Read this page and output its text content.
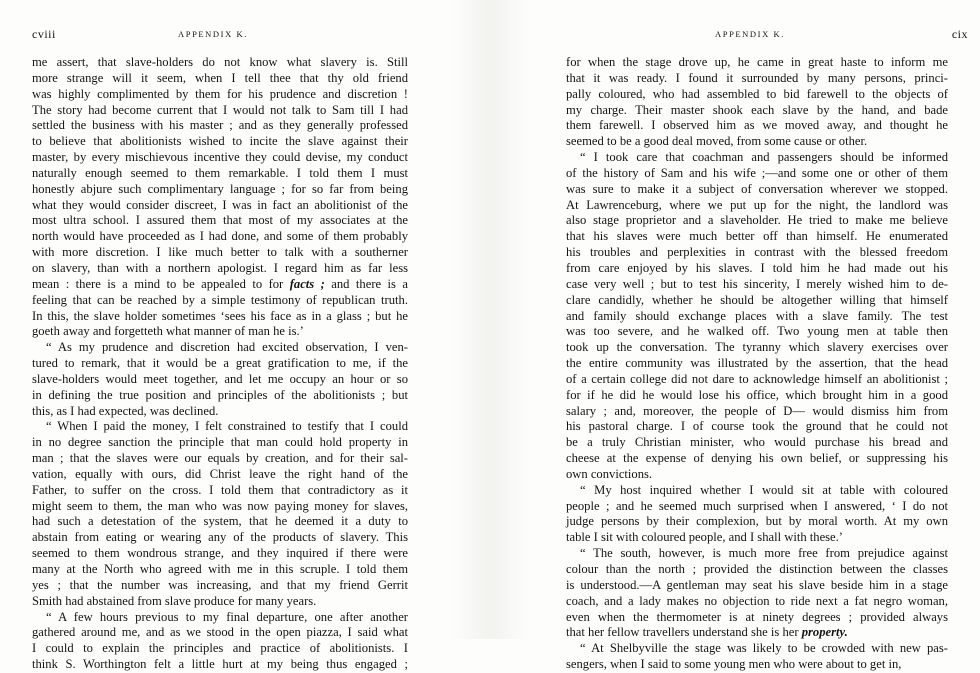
cviii	APPENDIX K.
me assert, that slave-holders do not know what slavery is. Still
more strange will it seem, when I tell thee that thy old friend
was highly complimented by them for his prudence and discretion !
The story had become current that I would not talk to Sam till I had
settled the business with his master ; and as they generally professed
to believe that abolitionists wished to incite the slave against their
master, by every mischievous incentive they could devise, my conduct
naturally enough seemed to them remarkable. I told them I must
honestly abjure such complimentary language ; for so far from being
what they would consider discreet, I was in fact an abolitionist of the
most ultra school. I assured them that most of my associates at the
north would have proceeded as I had done, and some of them probably
with more discretion. I like much better to talk with a southerner
on slavery, than with a northern apologist. I regard him as far less
mean : there is a mind to be appealed to for facts ; and there is a
feeling that can be reached by a simple testimony of republican truth.
In this, the slave holder sometimes ‘sees his face as in a glass ; but he
goeth away and forgetteth what manner of man he is.’
“ As my prudence and discretion had excited observation, I ven-
tured to remark, that it would be a great gratification to me, if the
slave-holders would meet together, and let me occupy an hour or so
in defining the true position and principles of the abolitionists ; but
this, as I had expected, was declined.
“ When I paid the money, I felt constrained to testify that I could
in no degree sanction the principle that man could hold property in
man ; that the slaves were our equals by creation, and for their sal-
vation, equally with ours, did Christ leave the right hand of the
Father, to suffer on the cross. I told them that contradictory as it
might seem to them, the man who was now paying money for slaves,
had such a detestation of the system, that he deemed it a duty to
abstain from eating or wearing any of the products of slavery. This
seemed to them wondrous strange, and they inquired if there were
many at the North who agreed with me in this scruple. I told them
yes ; that the number was increasing, and that my friend Gerrit
Smith had abstained from slave produce for many years.
“ A few hours previous to my final departure, one after another
gathered around me, and as we stood in the open piazza, I said what
I could to explain the principles and practice of abolitionists. I
think S. Worthington felt a little hurt at my being thus engaged ;
APPENDIX K.	cix
for when the stage drove up, he came in great haste to inform me
that it was ready. I found it surrounded by many persons, princi-
pally coloured, who had assembled to bid farewell to the objects of
my charge. Their master shook each slave by the hand, and bade
them farewell. I observed him as we moved away, and thought he
seemed to be a good deal moved, from some cause or other.
“ I took care that coachman and passengers should be informed
of the history of Sam and his wife ;—and some one or other of them
was sure to make it a subject of conversation wherever we stopped.
At Lawrenceburg, where we put up for the night, the landlord was
also stage proprietor and a slaveholder. He tried to make me believe
that his slaves were much better off than himself. He enumerated
his troubles and perplexities in contrast with the blessed freedom
from care enjoyed by his slaves. I told him he had made out his
case very well ; but to test his sincerity, I merely wished him to de-
clare candidly, whether he should be altogether willing that himself
and family should exchange places with a slave family. The test
was too severe, and he walked off. Two young men at table then
took up the conversation. The tyranny which slavery exercises over
the entire community was illustrated by the assertion, that the head
of a certain college did not dare to acknowledge himself an abolitionist ;
for if he did he would lose his office, which brought him in a good
salary ; and, moreover, the people of D— would dismiss him from
his pastoral charge. I of course took the ground that he could not
be a truly Christian minister, who would purchase his bread and
cheese at the expense of denying his own belief, or suppressing his
own convictions.
“ My host inquired whether I would sit at table with coloured
people ; and he seemed much surprised when I answered, ‘ I do not
judge persons by their complexion, but by moral worth. At my own
table I sit with coloured people, and I shall with these.’
“ The south, however, is much more free from prejudice against
colour than the north ; provided the distinction between the classes
is understood.—A gentleman may seat his slave beside him in a stage
coach, and a lady makes no objection to ride next a fat negro woman,
even when the thermometer is at ninety degrees ; provided always
that her fellow travellers understand she is her property.
“ At Shelbyville the stage was likely to be crowded with new pas-
sengers, when I said to some young men who were about to get in,
